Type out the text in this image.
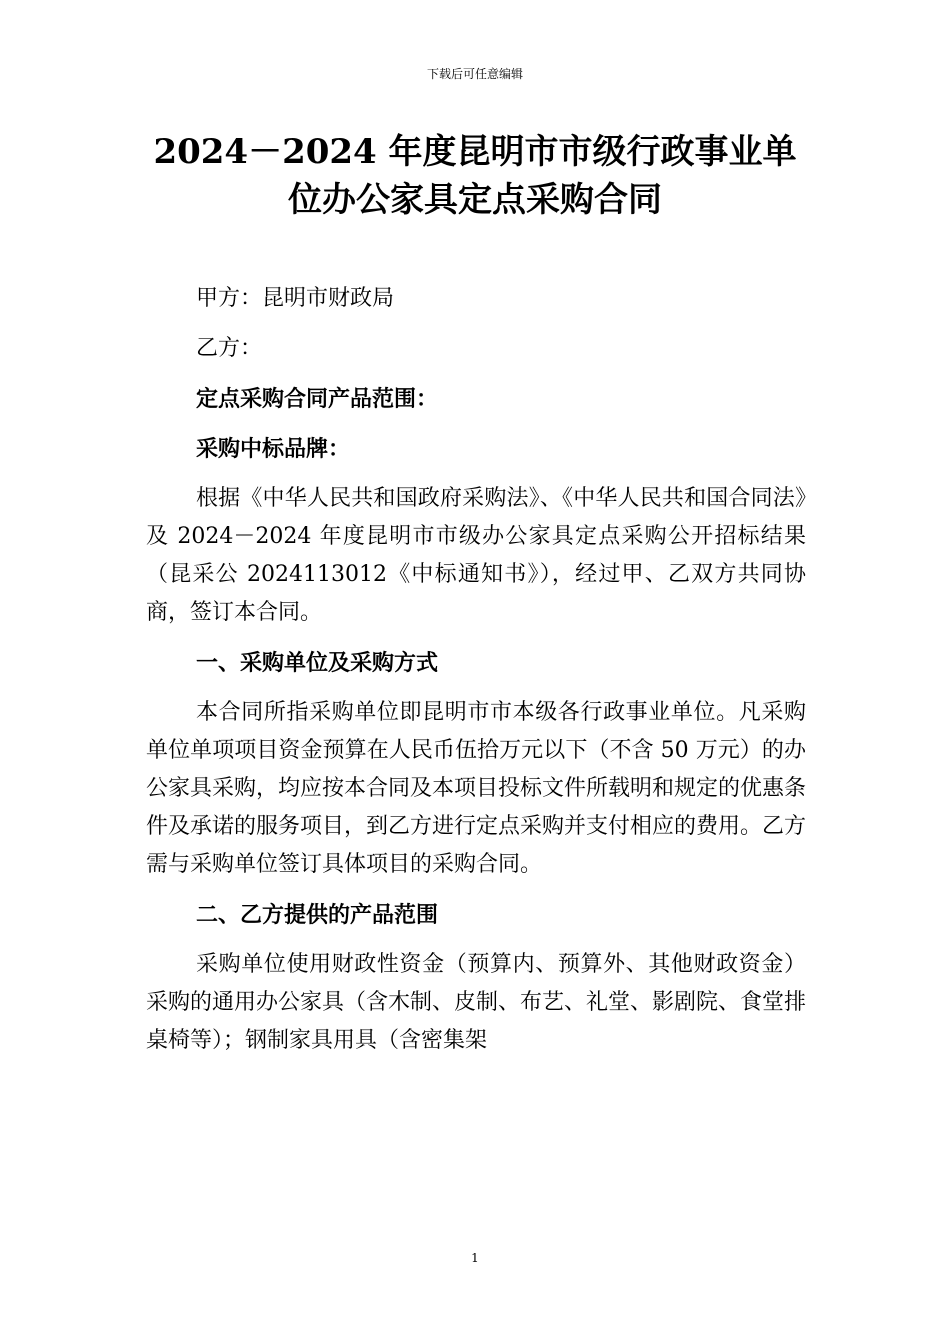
下载后可任意编辑
2024－2024 年度昆明市市级行政事业单
位办公家具定点采购合同

甲方：昆明市财政局

乙方：

定点采购合同产品范围：

采购中标品牌：

根据《中华人民共和国政府采购法》、《中华人民共和国合同法》及 2024－2024 年度昆明市市级办公家具定点采购公开招标结果（昆采公 2024113012《中标通知书》），经过甲、乙双方共同协商，签订本合同。

一、采购单位及采购方式

本合同所指采购单位即昆明市市本级各行政事业单位。凡采购单位单项项目资金预算在人民币伍拾万元以下（不含 50 万元）的办公家具采购，均应按本合同及本项目投标文件所载明和规定的优惠条件及承诺的服务项目，到乙方进行定点采购并支付相应的费用。乙方需与采购单位签订具体项目的采购合同。

二、乙方提供的产品范围

采购单位使用财政性资金（预算内、预算外、其他财政资金）采购的通用办公家具（含木制、皮制、布艺、礼堂、影剧院、食堂排桌椅等）；钢制家具用具（含密集架

1
